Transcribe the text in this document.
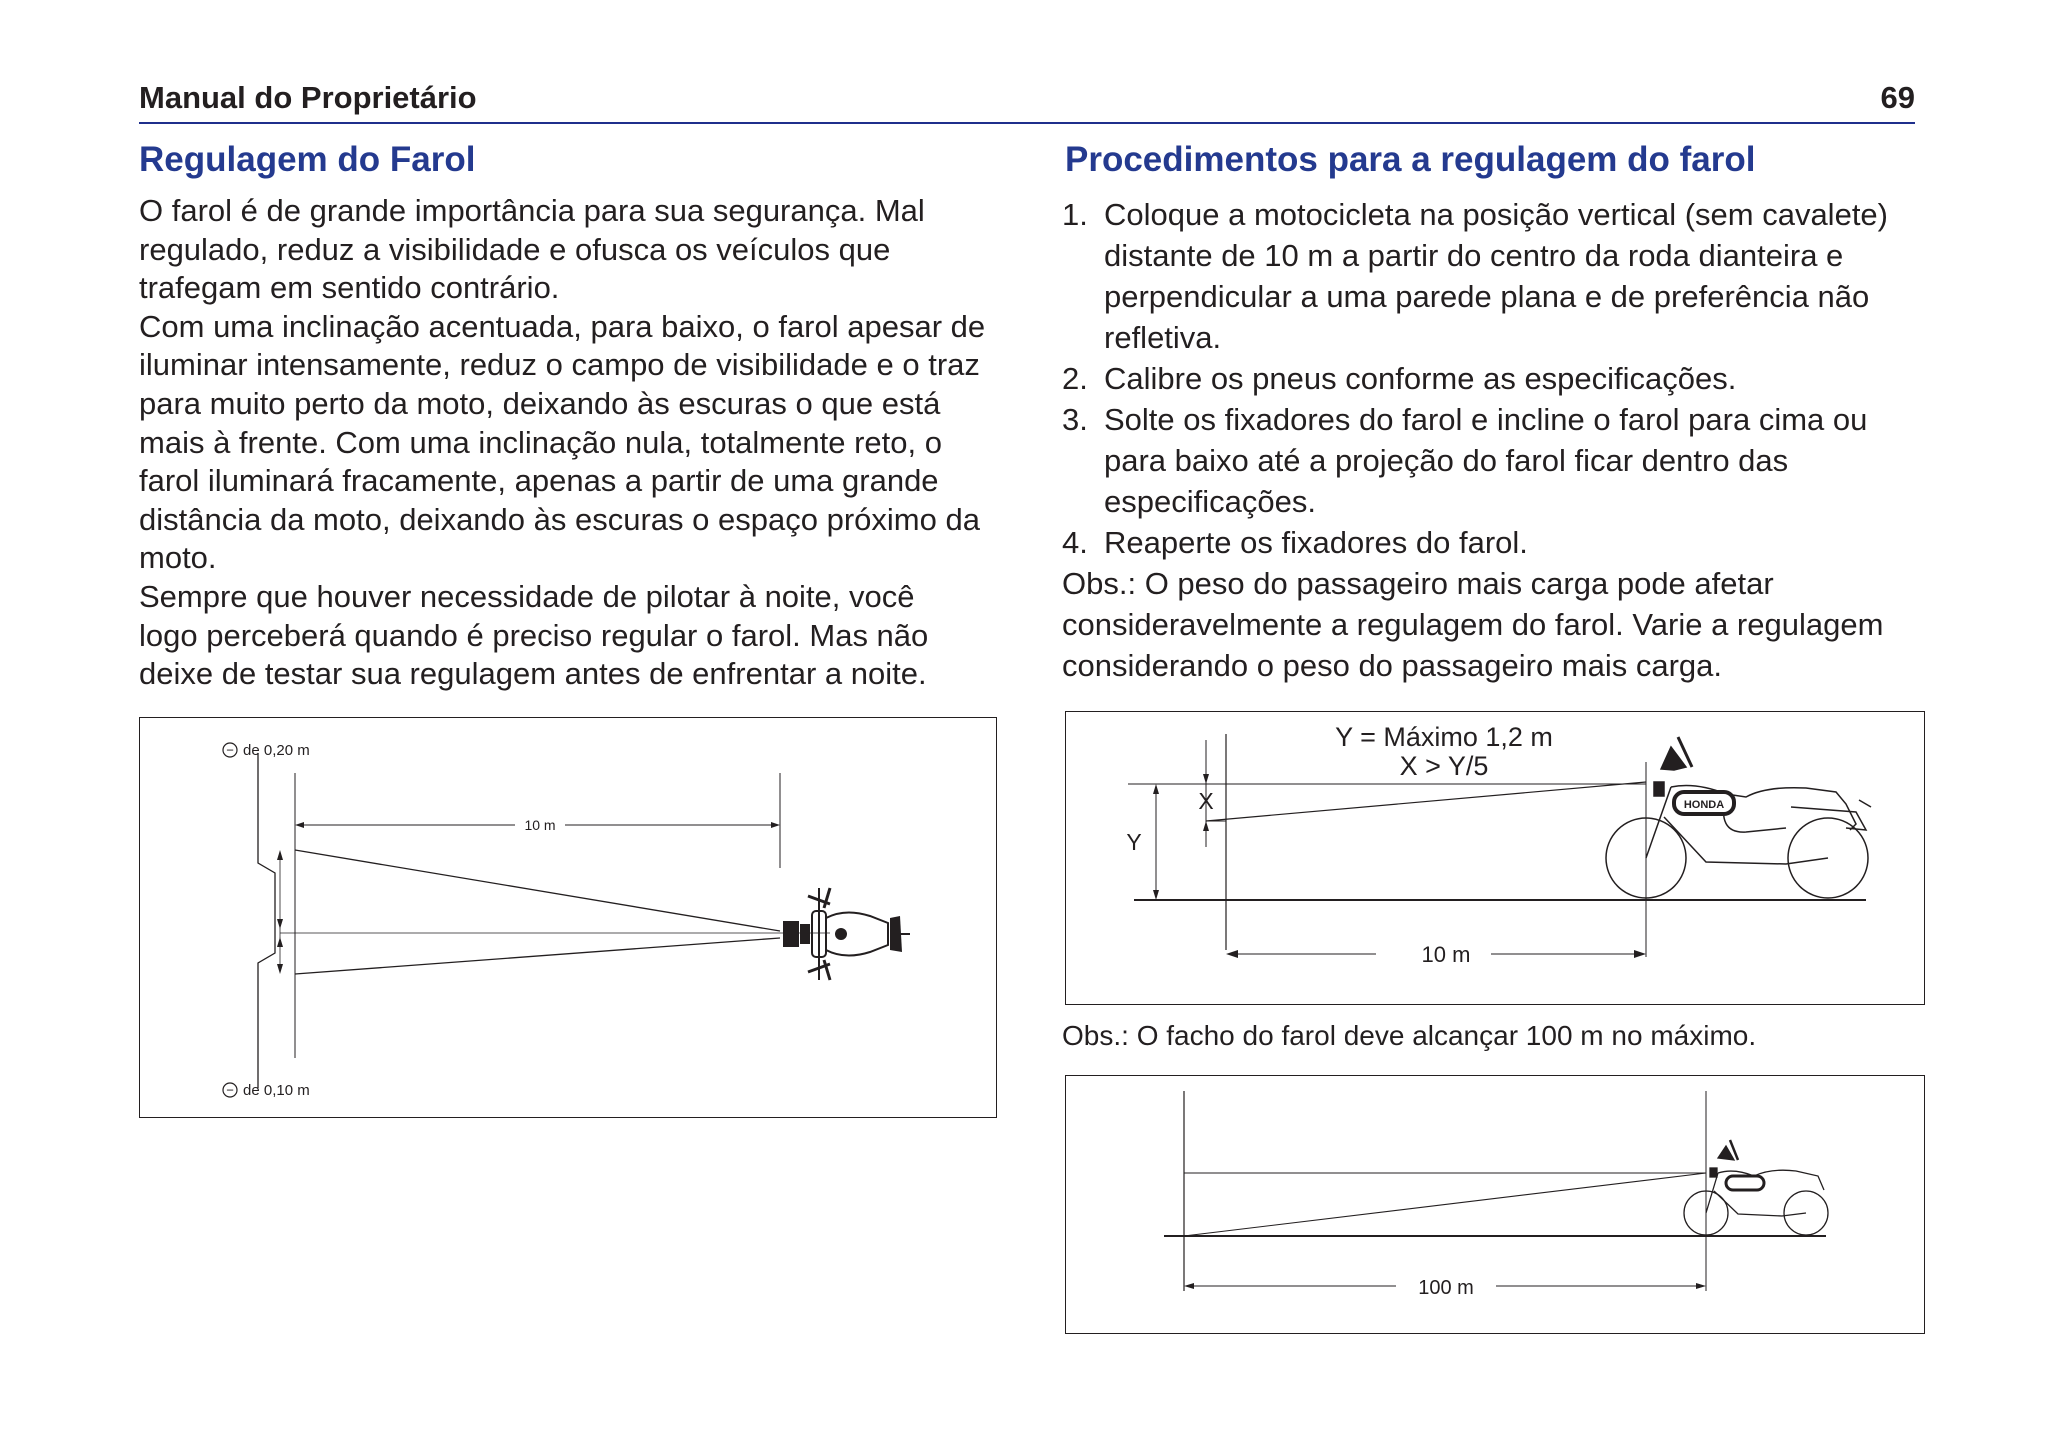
Manual do Proprietário	69
Regulagem do Farol
O farol é de grande importância para sua segurança. Mal
regulado, reduz a visibilidade e ofusca os veículos que
trafegam em sentido contrário.
Com uma inclinação acentuada, para baixo, o farol apesar de
iluminar intensamente, reduz o campo de visibilidade e o traz
para muito perto da moto, deixando às escuras o que está
mais à frente. Com uma inclinação nula, totalmente reto, o
farol iluminará fracamente, apenas a partir de uma grande
distância da moto, deixando às escuras o espaço próximo da
moto.
Sempre que houver necessidade de pilotar à noite, você
logo perceberá quando é preciso regular o farol. Mas não
deixe de testar sua regulagem antes de enfrentar a noite.
10 m
− de 0,20 m
− de 0,10 m
Procedimentos para a regulagem do farol
1. Coloque a motocicleta na posição vertical (sem cavalete)
distante de 10 m a partir do centro da roda dianteira e
perpendicular a uma parede plana e de preferência não
refletiva.
2. Calibre os pneus conforme as especificações.
3. Solte os fixadores do farol e incline o farol para cima ou
para baixo até a projeção do farol ficar dentro das
especificações.
4. Reaperte os fixadores do farol.
Obs.: O peso do passageiro mais carga pode afetar
consideravelmente a regulagem do farol. Varie a regulagem
considerando o peso do passageiro mais carga.
Y = Máximo 1,2 m
X > Y/5
Y
X
10 m
HONDA
Obs.: O facho do farol deve alcançar 100 m no máximo.
100 m
